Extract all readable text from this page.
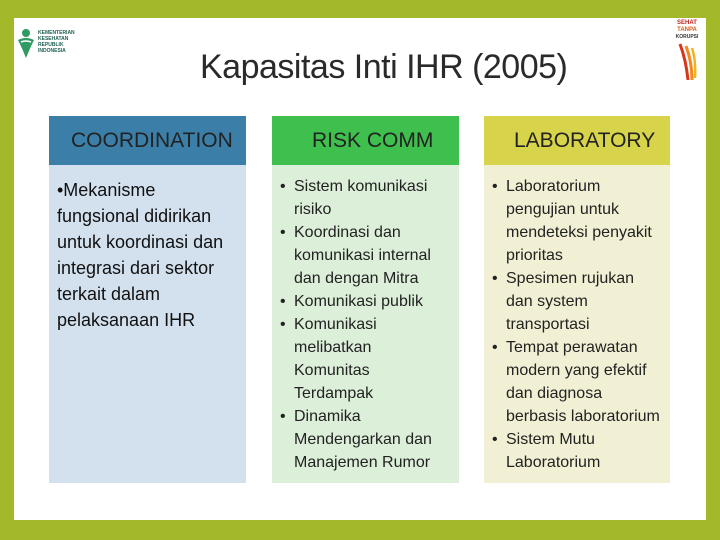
KEMENTERIAN
KESEHATAN
REPUBLIK
INDONESIA
SEHAT
TANPA
KORUPSI
Kapasitas Inti IHR (2005)
COORDINATION

•Mekanisme fungsional didirikan untuk koordinasi dan integrasi dari sektor terkait dalam pelaksanaan IHR

RISK COMM
• Sistem komunikasi risiko
• Koordinasi dan komunikasi internal dan dengan Mitra
• Komunikasi publik
• Komunikasi melibatkan Komunitas Terdampak
• Dinamika Mendengarkan dan Manajemen Rumor
LABORATORY
• Laboratorium pengujian untuk mendeteksi penyakit prioritas
• Spesimen rujukan dan system transportasi
• Tempat perawatan modern yang efektif dan diagnosa berbasis laboratorium
• Sistem Mutu Laboratorium
